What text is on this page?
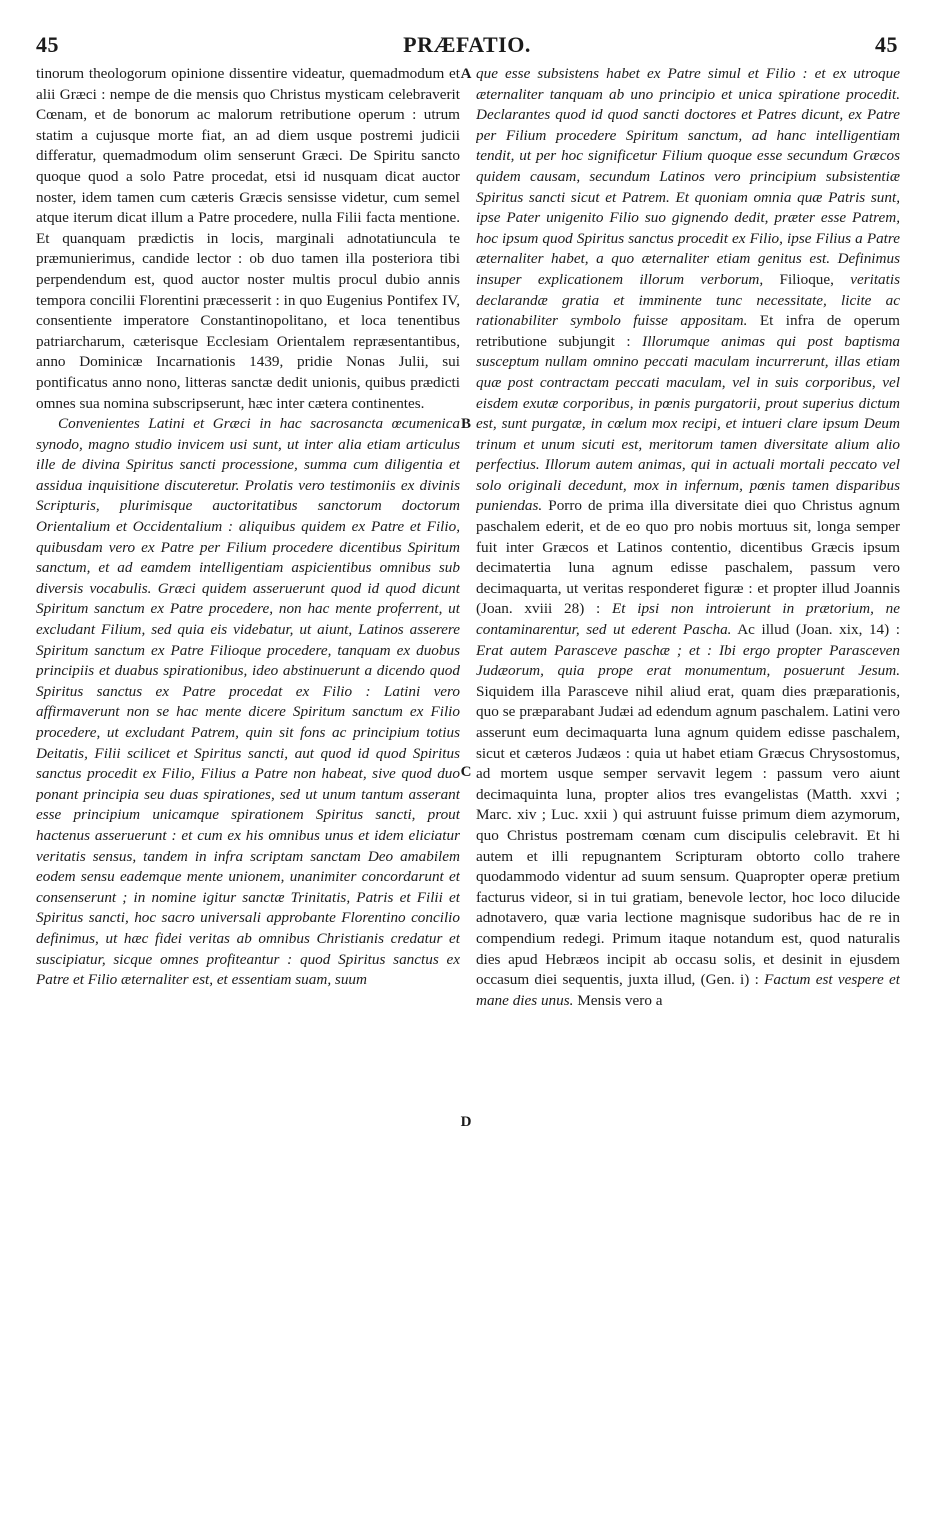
45	PRÆFATIO.	45

tinorum theologorum opinione dissentire videatur, quemadmodum et alii Græci : nempe de die mensis quo Christus mysticam celebraverit Cœnam, et de bonorum ac malorum retributione operum : utrum statim a cujusque morte fiat, an ad diem usque postremi judicii differatur, quemadmodum olim senserunt Græci. De Spiritu sancto quoque quod a solo Patre procedat, etsi id nusquam dicat auctor noster, idem tamen cum cæteris Græcis sensisse videtur, cum semel atque iterum dicat illum a Patre procedere, nulla Filii facta mentione. Et quanquam prædictis in locis, marginali adnotatiuncula te præmunierimus, candide lector : ob duo tamen illa posteriora tibi perpendendum est, quod auctor noster multis procul dubio annis tempora concilii Florentini præcesserit : in quo Eugenius Pontifex IV, consentiente imperatore Constantinopolitano, et loca tenentibus patriarcharum, cæterisque Ecclesiam Orientalem repræsentantibus, anno Dominicæ Incarnationis 1439, pridie Nonas Julii, sui pontificatus anno nono, litteras sanctæ dedit unionis, quibus prædicti omnes sua nomina subscripserunt, hæc inter cætera continentes.

Convenientes Latini et Græci in hac sacrosancta œcumenica synodo, magno studio invicem usi sunt, ut inter alia etiam articulus ille de divina Spiritus sancti processione, summa cum diligentia et assidua inquisitione discuteretur. Prolatis vero testimoniis ex divinis Scripturis, plurimisque auctoritatibus sanctorum doctorum Orientalium et Occidentalium : aliquibus quidem ex Patre et Filio, quibusdam vero ex Patre per Filium procedere dicentibus Spiritum sanctum, et ad eamdem intelligentiam aspicientibus omnibus sub diversis vocabulis. Græci quidem asseruerunt quod id quod dicunt Spiritum sanctum ex Patre procedere, non hac mente proferrent, ut excludant Filium, sed quia eis videbatur, ut aiunt, Latinos asserere Spiritum sanctum ex Patre Filioque procedere, tanquam ex duobus principiis et duabus spirationibus, ideo abstinuerunt a dicendo quod Spiritus sanctus ex Patre procedat ex Filio : Latini vero affirmaverunt non se hac mente dicere Spiritum sanctum ex Filio procedere, ut excludant Patrem, quin sit fons ac principium totius Deitatis, Filii scilicet et Spiritus sancti, aut quod id quod Spiritus sanctus procedit ex Filio, Filius a Patre non habeat, sive quod duo ponant principia seu duas spirationes, sed ut unum tantum asserant esse principium unicamque spirationem Spiritus sancti, prout hactenus asseruerunt : et cum ex his omnibus unus et idem eliciatur veritatis sensus, tandem in infra scriptam sanctam Deo amabilem eodem sensu eademque mente unionem, unanimiter concordarunt et consenserunt ; in nomine igitur sanctæ Trinitatis, Patris et Filii et Spiritus sancti, hoc sacro universali approbante Florentino concilio definimus, ut hæc fidei veritas ab omnibus Christianis credatur et suscipiatur, sicque omnes profiteantur : quod Spiritus sanctus ex Patre et Filio æternaliter est, et essentiam suam, suum

A
B
C
D

que esse subsistens habet ex Patre simul et Filio : et ex utroque æternaliter tanquam ab uno principio et unica spiratione procedit. Declarantes quod id quod sancti doctores et Patres dicunt, ex Patre per Filium procedere Spiritum sanctum, ad hanc intelligentiam tendit, ut per hoc significetur Filium quoque esse secundum Græcos quidem causam, secundum Latinos vero principium subsistentiæ Spiritus sancti sicut et Patrem. Et quoniam omnia quæ Patris sunt, ipse Pater unigenito Filio suo gignendo dedit, præter esse Patrem, hoc ipsum quod Spiritus sanctus procedit ex Filio, ipse Filius a Patre æternaliter habet, a quo æternaliter etiam genitus est. Definimus insuper explicationem illorum verborum, Filioque, veritatis declarandæ gratia et imminente tunc necessitate, licite ac rationabiliter symbolo fuisse appositam. Et infra de operum retributione subjungit : Illorumque animas qui post baptisma susceptum nullam omnino peccati maculam incurrerunt, illas etiam quæ post contractam peccati maculam, vel in suis corporibus, vel eisdem exutæ corporibus, in pœnis purgatorii, prout superius dictum est, sunt purgatæ, in cœlum mox recipi, et intueri clare ipsum Deum trinum et unum sicuti est, meritorum tamen diversitate alium alio perfectius. Illorum autem animas, qui in actuali mortali peccato vel solo originali decedunt, mox in infernum, pœnis tamen disparibus puniendas. Porro de prima illa diversitate diei quo Christus agnum paschalem ederit, et de eo quo pro nobis mortuus sit, longa semper fuit inter Græcos et Latinos contentio, dicentibus Græcis ipsum decimatertia luna agnum edisse paschalem, passum vero decimaquarta, ut veritas responderet figuræ : et propter illud Joannis (Joan. xviii 28) : Et ipsi non introierunt in prætorium, ne contaminarentur, sed ut ederent Pascha. Ac illud (Joan. xix, 14) : Erat autem Parasceve paschæ ; et : Ibi ergo propter Parasceven Judæorum, quia prope erat monumentum, posuerunt Jesum. Siquidem illa Parasceve nihil aliud erat, quam dies præparationis, quo se præparabant Judæi ad edendum agnum paschalem. Latini vero asserunt eum decimaquarta luna agnum quidem edisse paschalem, sicut et cæteros Judæos : quia ut habet etiam Græcus Chrysostomus, ad mortem usque semper servavit legem : passum vero aiunt decimaquinta luna, propter alios tres evangelistas (Matth. xxvi ; Marc. xiv ; Luc. xxii ) qui astruunt fuisse primum diem azymorum, quo Christus postremam cœnam cum discipulis celebravit. Et hi autem et illi repugnantem Scripturam obtorto collo trahere quodammodo videntur ad suum sensum. Quapropter operæ pretium facturus videor, si in tui gratiam, benevole lector, hoc loco dilucide adnotavero, quæ varia lectione magnisque sudoribus hac de re in compendium redegi. Primum itaque notandum est, quod naturalis dies apud Hebræos incipit ab occasu solis, et desinit in ejusdem occasum diei sequentis, juxta illud, (Gen. i) : Factum est vespere et mane dies unus. Mensis vero a
